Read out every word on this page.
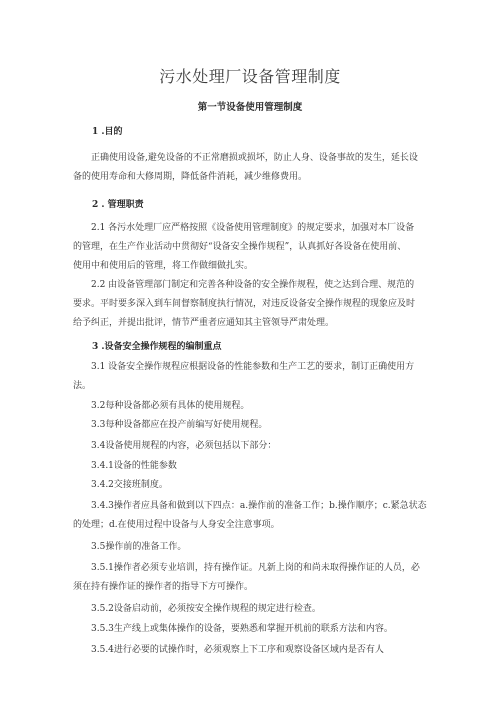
污水处理厂设备管理制度
第一节设备使用管理制度
1 .目的
正确使用设备,避免设备的不正常磨损或损坏，防止人身、设备事故的发生，延长设
备的使用寿命和大修周期，降低备件消耗，减少维修费用。
2 . 管理职责
2.1 各污水处理厂应严格按照《设备使用管理制度》的规定要求，加强对本厂设备
的管理，在生产作业活动中贯彻好“设备安全操作规程”，认真抓好各设备在使用前、
使用中和使用后的管理，将工作做细做扎实。
2.2 由设备管理部门制定和完善各种设备的安全操作规程，使之达到合理、规范的
要求。平时要多深入到车间督察制度执行情况，对违反设备安全操作规程的现象应及时
给予纠正，并提出批评，情节严重者应通知其主管领导严肃处理。
3 .设备安全操作规程的编制重点
3.1 设备安全操作规程应根据设备的性能参数和生产工艺的要求，制订正确使用方
法。
3.2每种设备都必须有具体的使用规程。
3.3每种设备都应在投产前编写好使用规程。
3.4设备使用规程的内容，必须包括以下部分：
3.4.1设备的性能参数
3.4.2交接班制度。
3.4.3操作者应具备和做到以下四点：a.操作前的准备工作；b.操作顺序；c.紧急状态
的处理；d.在使用过程中设备与人身安全注意事项。
3.5操作前的准备工作。
3.5.1操作者必须专业培训，持有操作证。凡新上岗的和尚未取得操作证的人员，必
须在持有操作证的操作者的指导下方可操作。
3.5.2设备启动前，必须按安全操作规程的规定进行检查。
3.5.3生产线上或集体操作的设备，要熟悉和掌握开机前的联系方法和内容。
3.5.4进行必要的试操作时，必须观察上下工序和观察设备区域内是否有人
